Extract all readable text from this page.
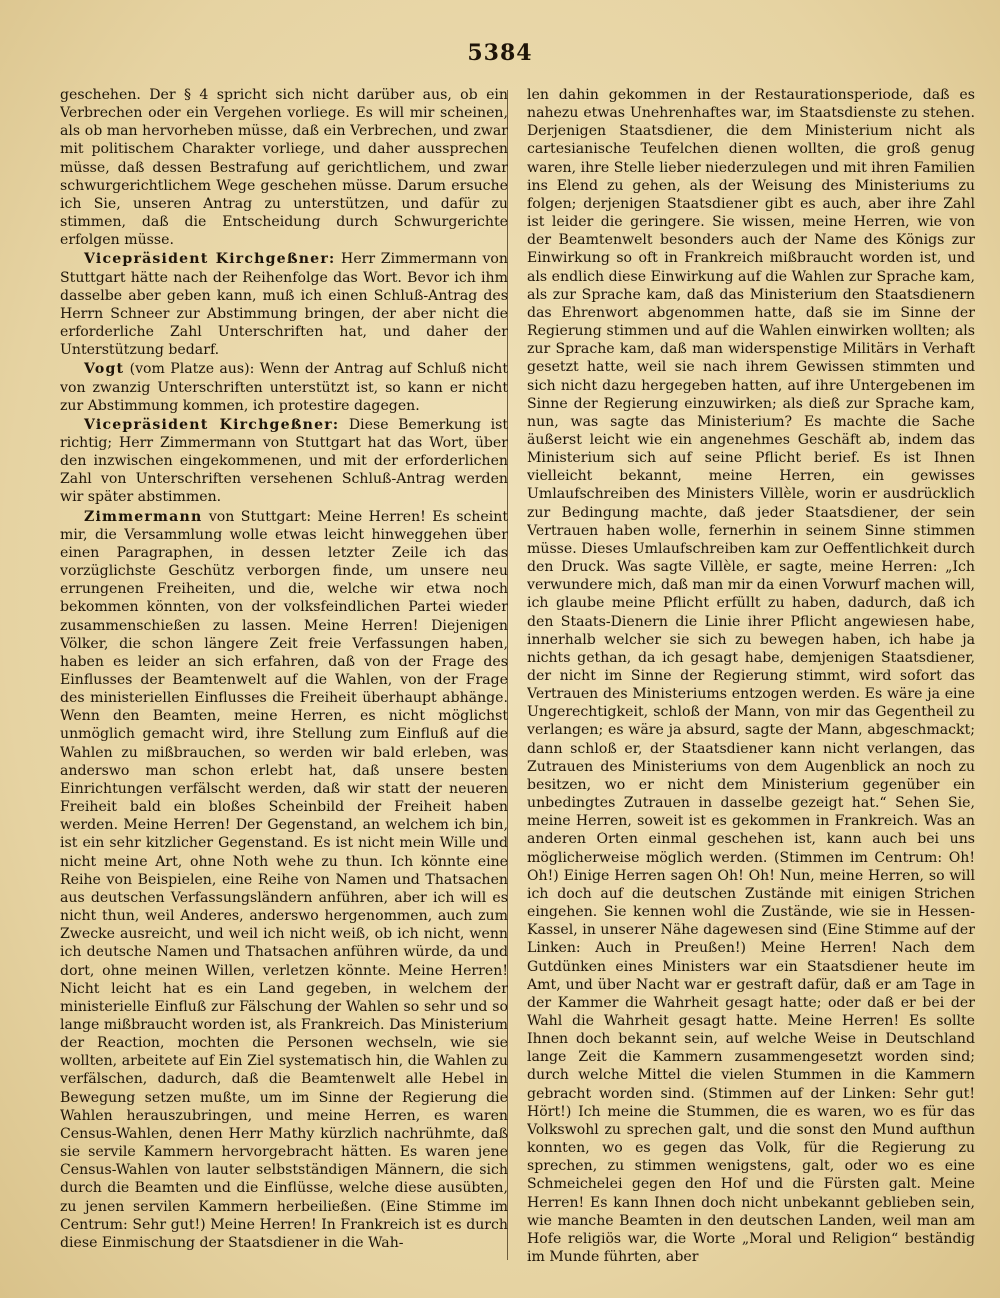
5384

geschehen. Der § 4 spricht sich nicht darüber aus, ob ein Verbrechen oder ein Vergehen vorliege. Es will mir scheinen, als ob man hervorheben müsse, daß ein Verbrechen, und zwar mit politischem Charakter vorliege, und daher aussprechen müsse, daß dessen Bestrafung auf gerichtlichem, und zwar schwurgerichtlichem Wege geschehen müsse. Darum ersuche ich Sie, unseren Antrag zu unterstützen, und dafür zu stimmen, daß die Entscheidung durch Schwurgerichte erfolgen müsse.

Vicepräsident Kirchgeßner: Herr Zimmermann von Stuttgart hätte nach der Reihenfolge das Wort. Bevor ich ihm dasselbe aber geben kann, muß ich einen Schluß-Antrag des Herrn Schneer zur Abstimmung bringen, der aber nicht die erforderliche Zahl Unterschriften hat, und daher der Unterstützung bedarf.

Vogt (vom Platze aus): Wenn der Antrag auf Schluß nicht von zwanzig Unterschriften unterstützt ist, so kann er nicht zur Abstimmung kommen, ich protestire dagegen.

Vicepräsident Kirchgeßner: Diese Bemerkung ist richtig; Herr Zimmermann von Stuttgart hat das Wort, über den inzwischen eingekommenen, und mit der erforderlichen Zahl von Unterschriften versehenen Schluß-Antrag werden wir später abstimmen.

Zimmermann von Stuttgart: Meine Herren! Es scheint mir, die Versammlung wolle etwas leicht hinweggehen über einen Paragraphen, in dessen letzter Zeile ich das vorzüglichste Geschütz verborgen finde, um unsere neu errungenen Freiheiten, und die, welche wir etwa noch bekommen könnten, von der volksfeindlichen Partei wieder zusammenschießen zu lassen. Meine Herren! Diejenigen Völker, die schon längere Zeit freie Verfassungen haben, haben es leider an sich erfahren, daß von der Frage des Einflusses der Beamtenwelt auf die Wahlen, von der Frage des ministeriellen Einflusses die Freiheit überhaupt abhänge. Wenn den Beamten, meine Herren, es nicht möglichst unmöglich gemacht wird, ihre Stellung zum Einfluß auf die Wahlen zu mißbrauchen, so werden wir bald erleben, was anderswo man schon erlebt hat, daß unsere besten Einrichtungen verfälscht werden, daß wir statt der neueren Freiheit bald ein bloßes Scheinbild der Freiheit haben werden. Meine Herren! Der Gegenstand, an welchem ich bin, ist ein sehr kitzlicher Gegenstand. Es ist nicht mein Wille und nicht meine Art, ohne Noth wehe zu thun. Ich könnte eine Reihe von Beispielen, eine Reihe von Namen und Thatsachen aus deutschen Verfassungsländern anführen, aber ich will es nicht thun, weil Anderes, anderswo hergenommen, auch zum Zwecke ausreicht, und weil ich nicht weiß, ob ich nicht, wenn ich deutsche Namen und Thatsachen anführen würde, da und dort, ohne meinen Willen, verletzen könnte. Meine Herren! Nicht leicht hat es ein Land gegeben, in welchem der ministerielle Einfluß zur Fälschung der Wahlen so sehr und so lange mißbraucht worden ist, als Frankreich. Das Ministerium der Reaction, mochten die Personen wechseln, wie sie wollten, arbeitete auf Ein Ziel systematisch hin, die Wahlen zu verfälschen, dadurch, daß die Beamtenwelt alle Hebel in Bewegung setzen mußte, um im Sinne der Regierung die Wahlen herauszubringen, und meine Herren, es waren Census-Wahlen, denen Herr Mathy kürzlich nachrühmte, daß sie servile Kammern hervorgebracht hätten. Es waren jene Census-Wahlen von lauter selbstständigen Männern, die sich durch die Beamten und die Einflüsse, welche diese ausübten, zu jenen servilen Kammern herbeiließen. (Eine Stimme im Centrum: Sehr gut!) Meine Herren! In Frankreich ist es durch diese Einmischung der Staatsdiener in die Wah-

len dahin gekommen in der Restaurationsperiode, daß es nahezu etwas Unehrenhaftes war, im Staatsdienste zu stehen. Derjenigen Staatsdiener, die dem Ministerium nicht als cartesianische Teufelchen dienen wollten, die groß genug waren, ihre Stelle lieber niederzulegen und mit ihren Familien ins Elend zu gehen, als der Weisung des Ministeriums zu folgen; derjenigen Staatsdiener gibt es auch, aber ihre Zahl ist leider die geringere. Sie wissen, meine Herren, wie von der Beamtenwelt besonders auch der Name des Königs zur Einwirkung so oft in Frankreich mißbraucht worden ist, und als endlich diese Einwirkung auf die Wahlen zur Sprache kam, als zur Sprache kam, daß das Ministerium den Staatsdienern das Ehrenwort abgenommen hatte, daß sie im Sinne der Regierung stimmen und auf die Wahlen einwirken wollten; als zur Sprache kam, daß man widerspenstige Militärs in Verhaft gesetzt hatte, weil sie nach ihrem Gewissen stimmten und sich nicht dazu hergegeben hatten, auf ihre Untergebenen im Sinne der Regierung einzuwirken; als dieß zur Sprache kam, nun, was sagte das Ministerium? Es machte die Sache äußerst leicht wie ein angenehmes Geschäft ab, indem das Ministerium sich auf seine Pflicht berief. Es ist Ihnen vielleicht bekannt, meine Herren, ein gewisses Umlaufschreiben des Ministers Villèle, worin er ausdrücklich zur Bedingung machte, daß jeder Staatsdiener, der sein Vertrauen haben wolle, fernerhin in seinem Sinne stimmen müsse. Dieses Umlaufschreiben kam zur Oeffentlichkeit durch den Druck. Was sagte Villèle, er sagte, meine Herren: „Ich verwundere mich, daß man mir da einen Vorwurf machen will, ich glaube meine Pflicht erfüllt zu haben, dadurch, daß ich den Staats-Dienern die Linie ihrer Pflicht angewiesen habe, innerhalb welcher sie sich zu bewegen haben, ich habe ja nichts gethan, da ich gesagt habe, demjenigen Staatsdiener, der nicht im Sinne der Regierung stimmt, wird sofort das Vertrauen des Ministeriums entzogen werden. Es wäre ja eine Ungerechtigkeit, schloß der Mann, von mir das Gegentheil zu verlangen; es wäre ja absurd, sagte der Mann, abgeschmackt; dann schloß er, der Staatsdiener kann nicht verlangen, das Zutrauen des Ministeriums von dem Augenblick an noch zu besitzen, wo er nicht dem Ministerium gegenüber ein unbedingtes Zutrauen in dasselbe gezeigt hat.“ Sehen Sie, meine Herren, soweit ist es gekommen in Frankreich. Was an anderen Orten einmal geschehen ist, kann auch bei uns möglicherweise möglich werden. (Stimmen im Centrum: Oh! Oh!) Einige Herren sagen Oh! Oh! Nun, meine Herren, so will ich doch auf die deutschen Zustände mit einigen Strichen eingehen. Sie kennen wohl die Zustände, wie sie in Hessen-Kassel, in unserer Nähe dagewesen sind (Eine Stimme auf der Linken: Auch in Preußen!) Meine Herren! Nach dem Gutdünken eines Ministers war ein Staatsdiener heute im Amt, und über Nacht war er gestraft dafür, daß er am Tage in der Kammer die Wahrheit gesagt hatte; oder daß er bei der Wahl die Wahrheit gesagt hatte. Meine Herren! Es sollte Ihnen doch bekannt sein, auf welche Weise in Deutschland lange Zeit die Kammern zusammengesetzt worden sind; durch welche Mittel die vielen Stummen in die Kammern gebracht worden sind. (Stimmen auf der Linken: Sehr gut! Hört!) Ich meine die Stummen, die es waren, wo es für das Volkswohl zu sprechen galt, und die sonst den Mund aufthun konnten, wo es gegen das Volk, für die Regierung zu sprechen, zu stimmen wenigstens, galt, oder wo es eine Schmeichelei gegen den Hof und die Fürsten galt. Meine Herren! Es kann Ihnen doch nicht unbekannt geblieben sein, wie manche Beamten in den deutschen Landen, weil man am Hofe religiös war, die Worte „Moral und Religion“ beständig im Munde führten, aber
